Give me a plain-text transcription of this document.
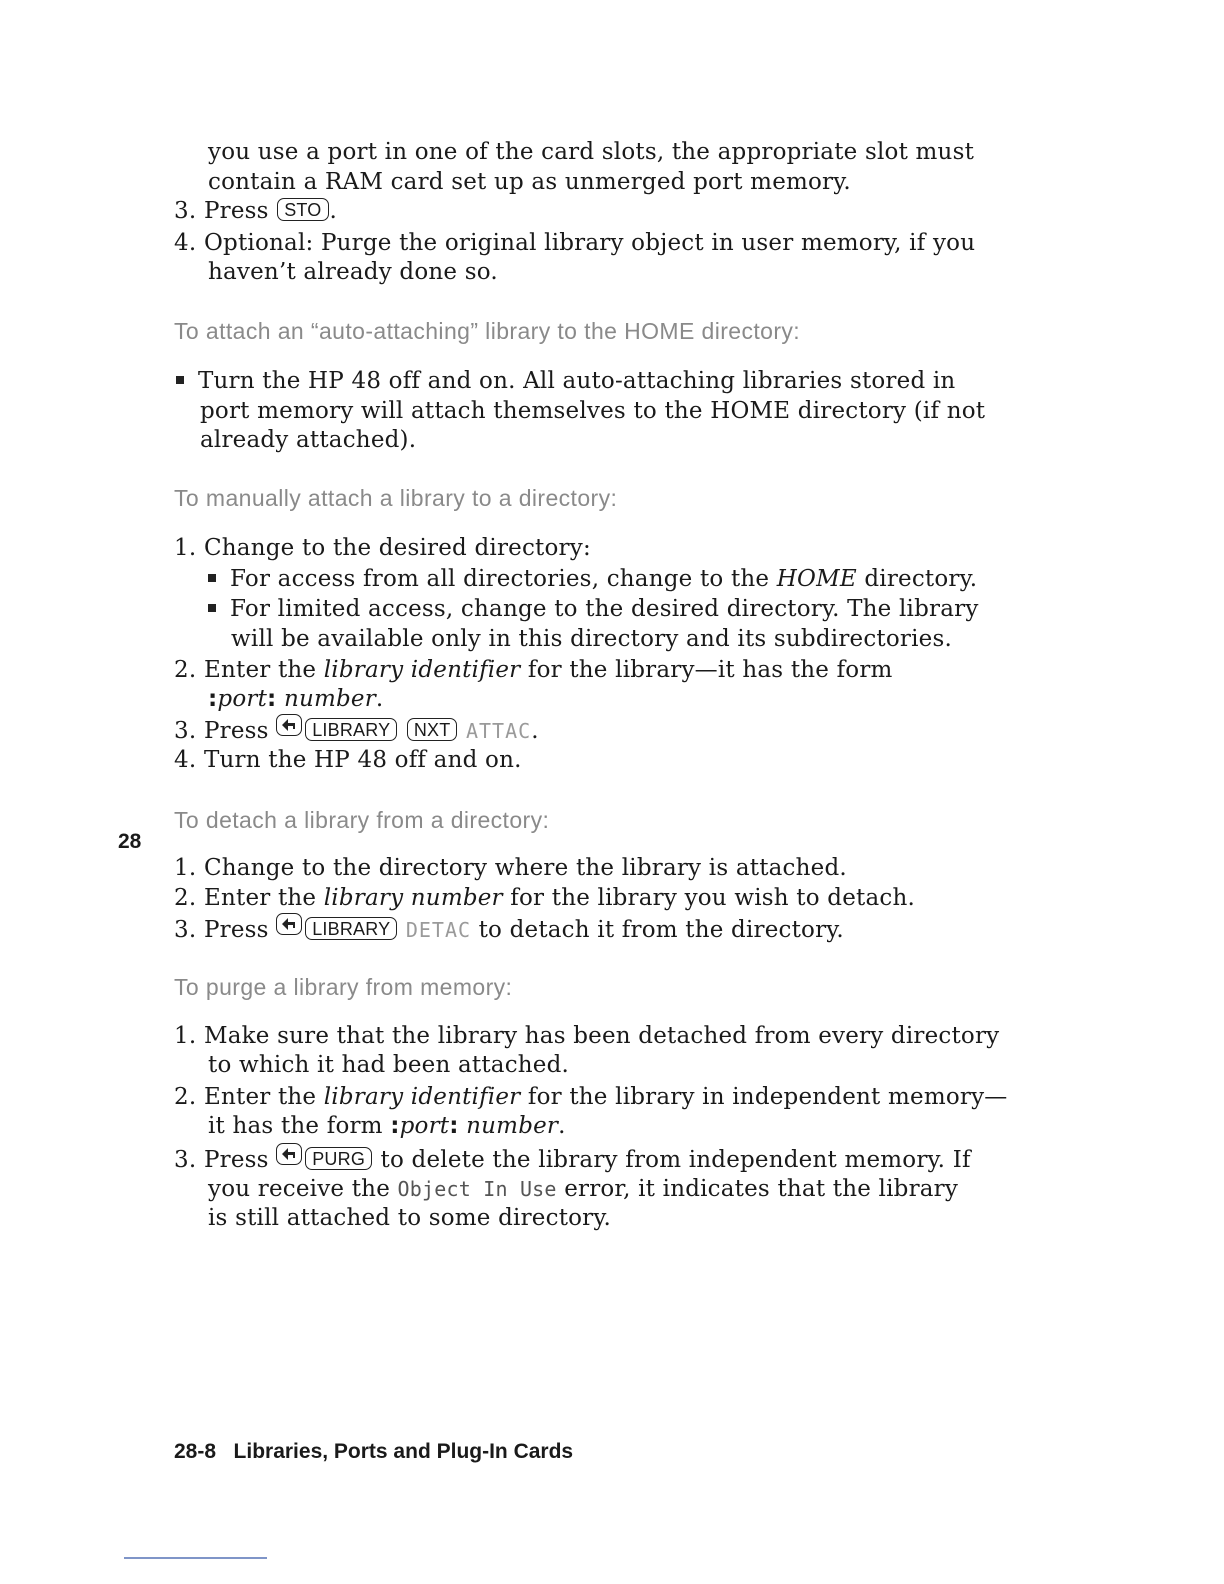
you use a port in one of the card slots, the appropriate slot must
contain a RAM card set up as unmerged port memory.
3. Press STO .
4. Optional: Purge the original library object in user memory, if you
haven’t already done so.
To attach an “auto-attaching” library to the HOME directory:
Turn the HP 48 off and on. All auto-attaching libraries stored in
port memory will attach themselves to the HOME directory (if not
already attached).
To manually attach a library to a directory:
1. Change to the desired directory:
For access from all directories, change to the HOME directory.
For limited access, change to the desired directory. The library
will be available only in this directory and its subdirectories.
2. Enter the library identifier for the library—it has the form
:port: number.
3. Press LIBRARY NXT ATTAC.
4. Turn the HP 48 off and on.
28
To detach a library from a directory:
1. Change to the directory where the library is attached.
2. Enter the library number for the library you wish to detach.
3. Press LIBRARY DETAC to detach it from the directory.
To purge a library from memory:
1. Make sure that the library has been detached from every directory
to which it had been attached.
2. Enter the library identifier for the library in independent memory—
it has the form :port: number.
3. Press PURG to delete the library from independent memory. If
you receive the Object In Use error, it indicates that the library
is still attached to some directory.
28-8 Libraries, Ports and Plug-In Cards
